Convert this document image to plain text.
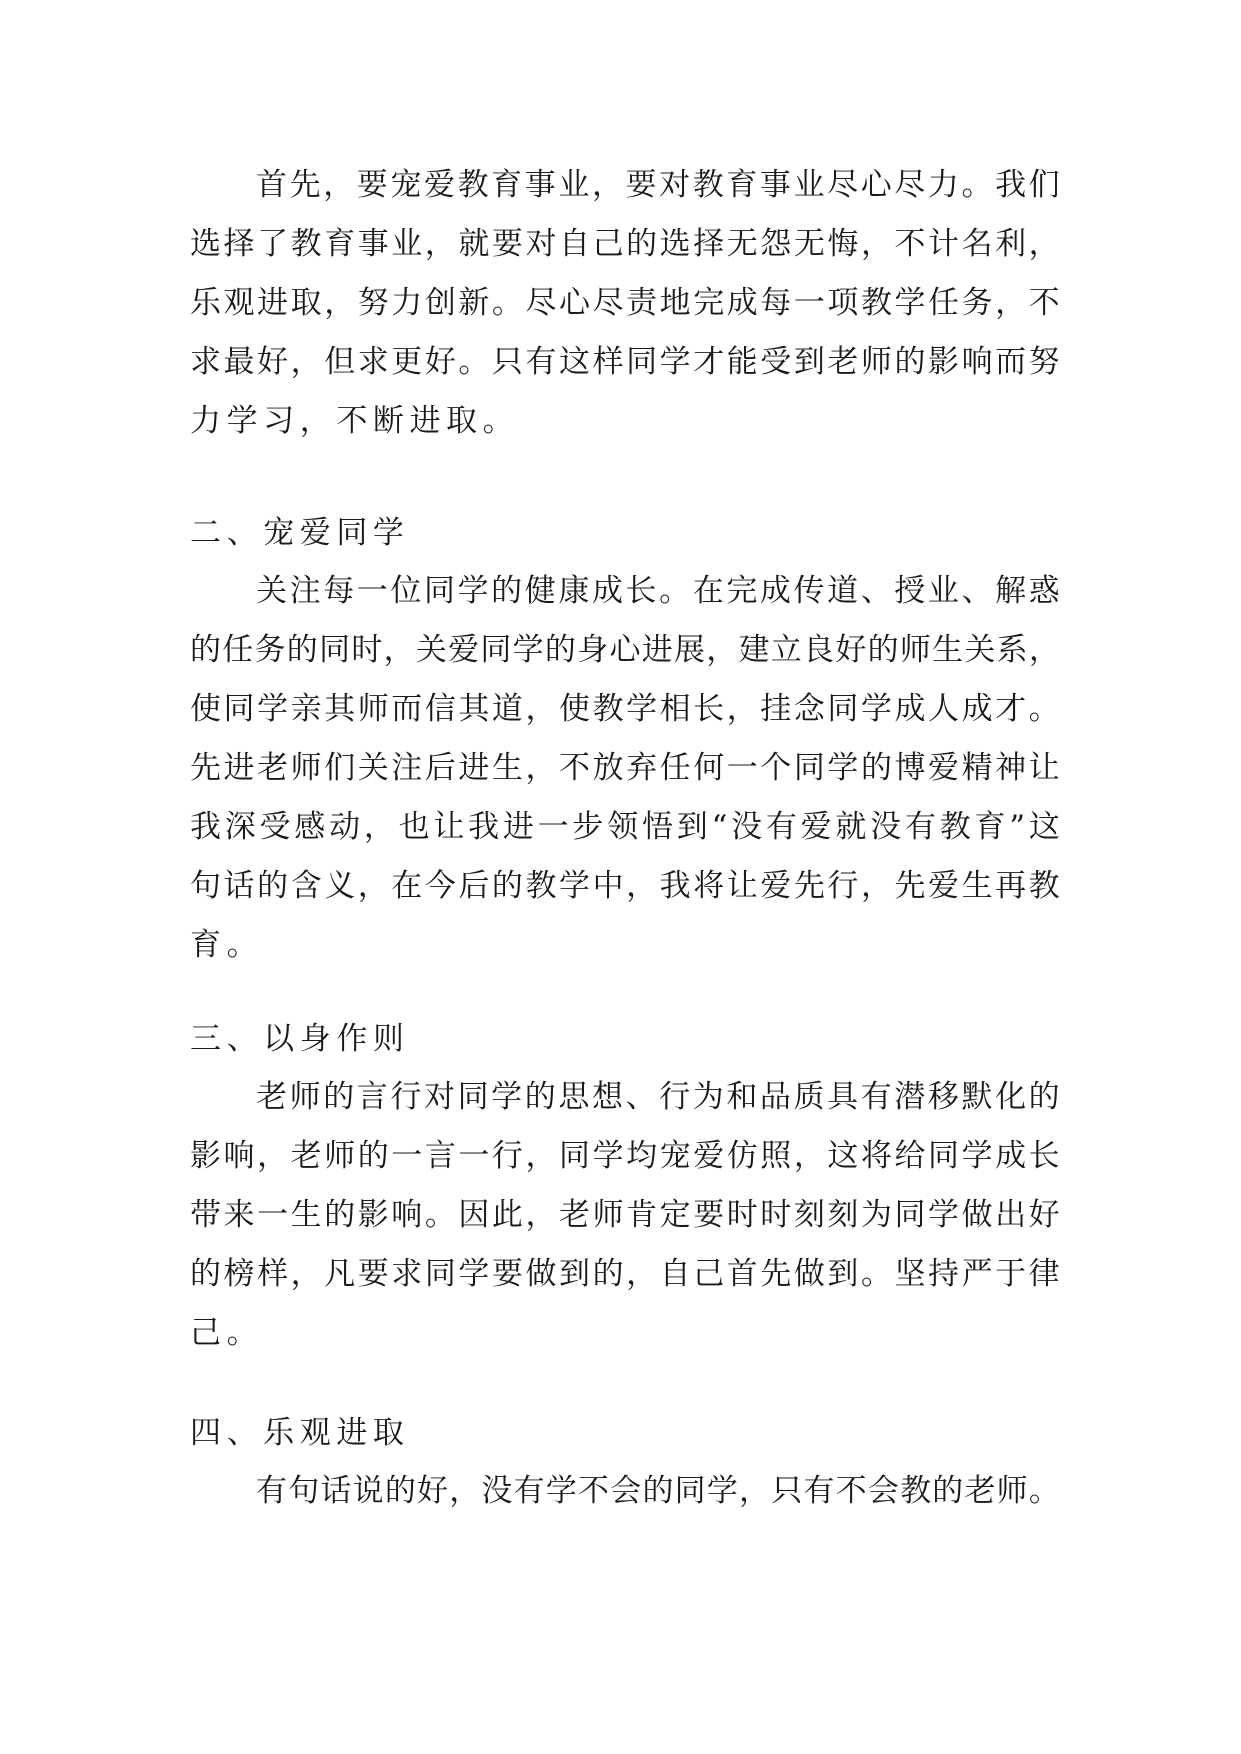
首 先 ， 要 宠 爱 教 育 事 业 ， 要 对 教 育 事 业 尽 心 尽 力 。 我 们
选 择 了 教 育 事 业 ， 就 要 对 自 己 的 选 择 无 怨 无 悔 ， 不 计 名 利 ，
乐 观 进 取 ， 努 力 创 新 。 尽 心 尽 责 地 完 成 每 一 项 教 学 任 务 ， 不
求 最 好 ， 但 求 更 好 。 只 有 这 样 同 学 才 能 受 到 老 师 的 影 响 而 努
力学习，不断进取。
二、宠爱同学
关 注 每 一 位 同 学 的 健 康 成 长 。 在 完 成 传 道 、 授 业 、 解 惑
的 任 务 的 同 时 ， 关 爱 同 学 的 身 心 进 展 ， 建 立 良 好 的 师 生 关 系 ，
使 同 学 亲 其 师 而 信 其 道 ， 使 教 学 相 长 ， 挂 念 同 学 成 人 成 才 。
先 进 老 师 们 关 注 后 进 生 ， 不 放 弃 任 何 一 个 同 学 的 博 爱 精 神 让
我 深 受 感 动 ， 也 让 我 进 一 步 领 悟 到 “ 没 有 爱 就 没 有 教 育 ” 这
句 话 的 含 义 ， 在 今 后 的 教 学 中 ， 我 将 让 爱 先 行 ， 先 爱 生 再 教
育。
三、以身作则
老 师 的 言 行 对 同 学 的 思 想 、 行 为 和 品 质 具 有 潜 移 默 化 的
影 响 ， 老 师 的 一 言 一 行 ， 同 学 均 宠 爱 仿 照 ， 这 将 给 同 学 成 长
带 来 一 生 的 影 响 。 因 此 ， 老 师 肯 定 要 时 时 刻 刻 为 同 学 做 出 好
的 榜 样 ， 凡 要 求 同 学 要 做 到 的 ， 自 己 首 先 做 到 。 坚 持 严 于 律
己。
四、乐观进取
有 句 话 说 的 好 ， 没 有 学 不 会 的 同 学 ， 只 有 不 会 教 的 老 师 。
